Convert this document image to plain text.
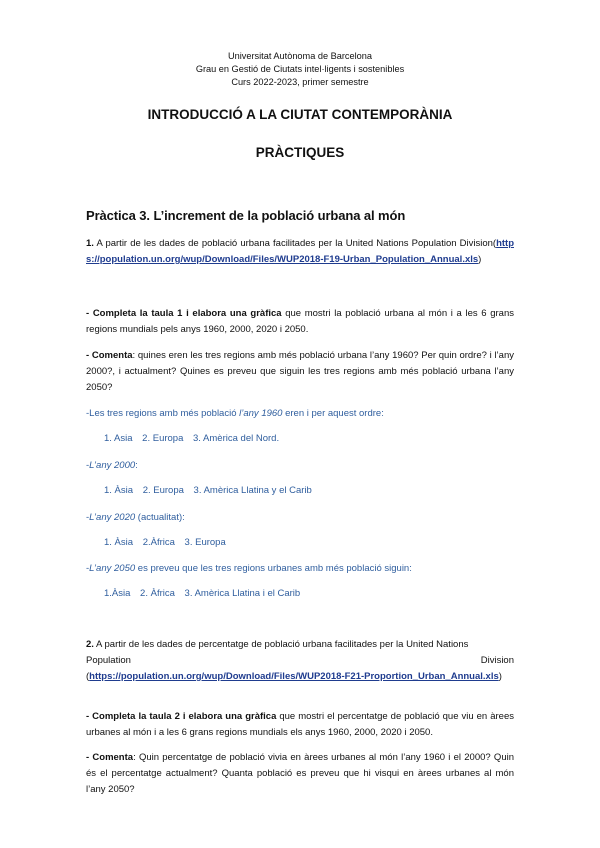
Universitat Autònoma de Barcelona
Grau en Gestió de Ciutats intel·ligents i sostenibles
Curs 2022-2023, primer semestre
INTRODUCCIÓ A LA CIUTAT CONTEMPORÀNIA
PRÀCTIQUES
Pràctica 3. L’increment de la població urbana al món
1. A partir de les dades de població urbana facilitades per la United Nations Population Division(https://population.un.org/wup/Download/Files/WUP2018-F19-Urban_Population_Annual.xls)
- Completa la taula 1 i elabora una gràfica que mostri la població urbana al món i a les 6 grans regions mundials pels anys 1960, 2000, 2020 i 2050.
- Comenta: quines eren les tres regions amb més població urbana l’any 1960? Per quin ordre? i l’any 2000?, i actualment? Quines es preveu que siguin les tres regions amb més població urbana l’any 2050?
-Les tres regions amb més població l’any 1960 eren i per aquest ordre:
1. Asia 2. Europa 3. Amèrica del Nord.
-L’any 2000:
1. Àsia 2. Europa 3. Amèrica Llatina y el Carib
-L’any 2020 (actualitat):
1. Àsia 2.Àfrica 3. Europa
-L’any 2050 es preveu que les tres regions urbanes amb més població siguin:
1.Àsia 2. Àfrica 3. Amèrica Llatina i el Carib
2. A partir de les dades de percentatge de població urbana facilitades per la United Nations
Population	Division
(https://population.un.org/wup/Download/Files/WUP2018-F21-Proportion_Urban_Annual.xls)
- Completa la taula 2 i elabora una gràfica que mostri el percentatge de població que viu en àrees urbanes al món i a les 6 grans regions mundials els anys 1960, 2000, 2020 i 2050.
- Comenta: Quin percentatge de població vivia en àrees urbanes al món l’any 1960 i el 2000? Quin és el percentatge actualment? Quanta població es preveu que hi visqui en àrees urbanes al món l’any 2050?
